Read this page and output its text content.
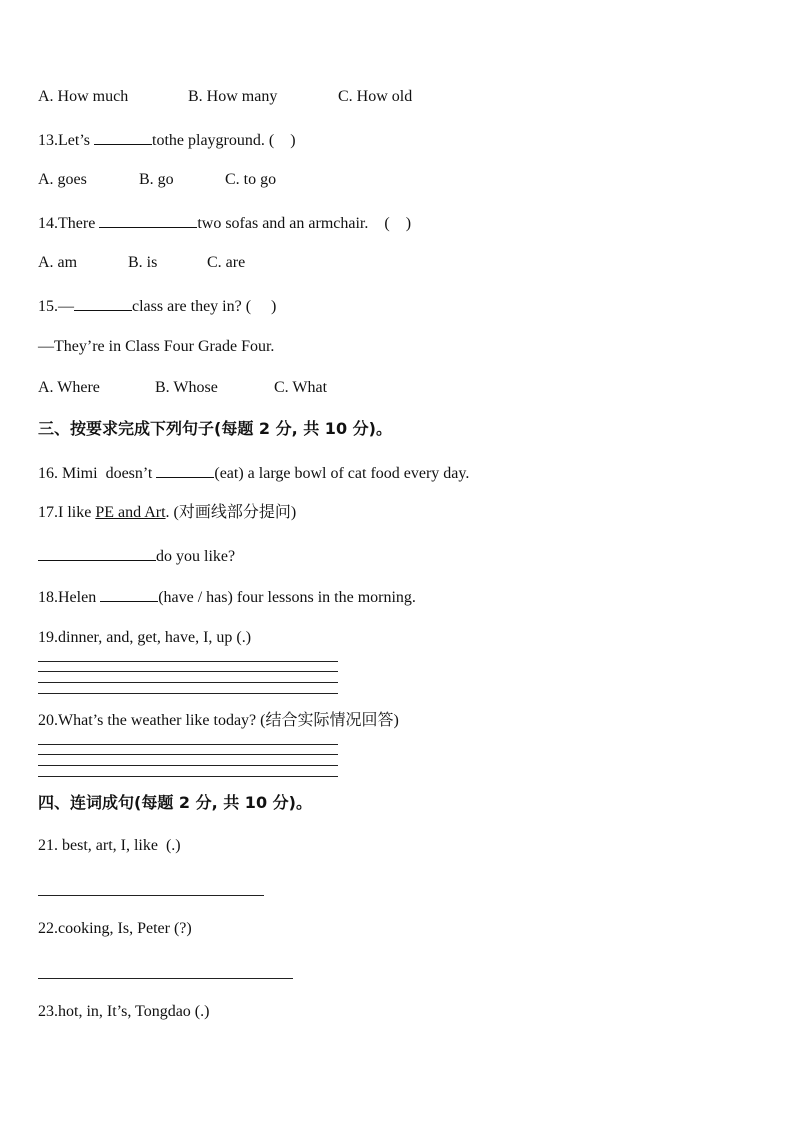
A. How much	B. How many	C. How old
13.Let’s	tothe playground. (    )
A. goes	B. go	C. to go
14.There	two sofas and an armchair.    (    )
A. am	B. is	C. are
15.—	class are they in? (     )
—They’re in Class Four Grade Four.
A. Where	B. Whose	C. What
三、按要求完成下列句子(每题 2 分, 共 10 分)。
16. Mimi  doesn’t	(eat) a large bowl of cat food every day.
17.I like PE and Art. (对画线部分提问)
do you like?
18.Helen	(have / has) four lessons in the morning.
19.dinner, and, get, have, I, up (.)
20.What’s the weather like today? (结合实际情况回答)
四、连词成句(每题 2 分, 共 10 分)。
21. best, art, I, like  (.)
22.cooking, Is, Peter (?)
23.hot, in, It’s, Tongdao (.)
